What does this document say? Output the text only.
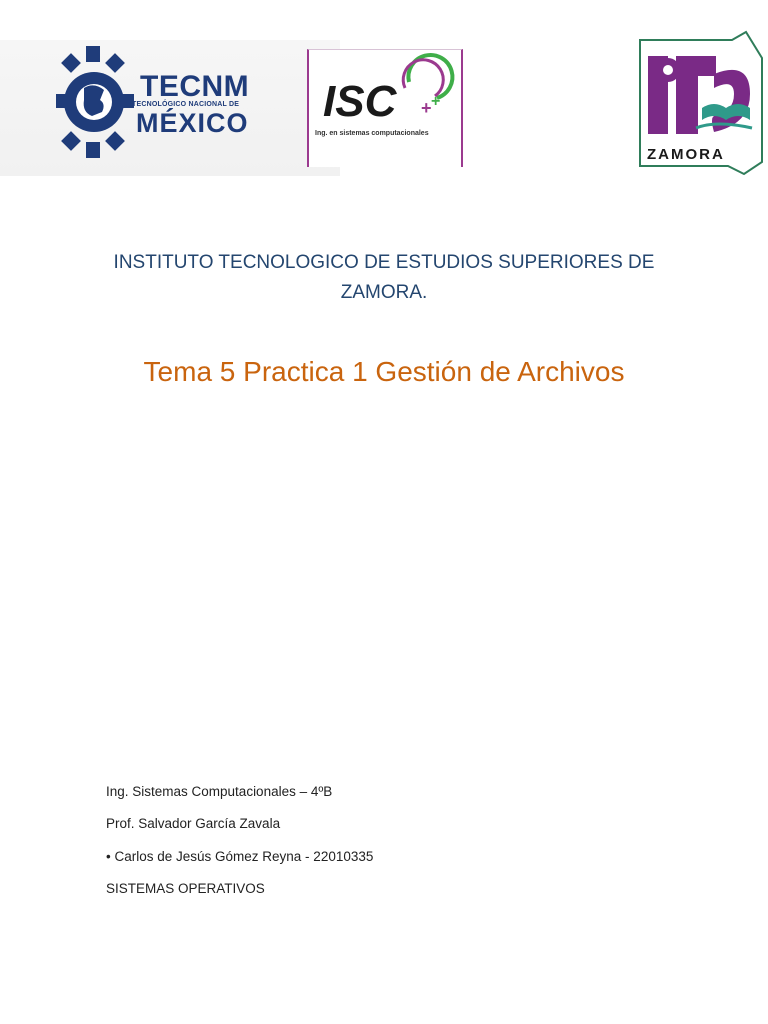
TECNM
TECNOLÓGICO NACIONAL DE
MÉXICO ISC + +
Ing. en sistemas computacionales
ZAMORA
INSTITUTO TECNOLOGICO DE ESTUDIOS SUPERIORES DE
ZAMORA.
Tema 5 Practica 1 Gestión de Archivos
Ing. Sistemas Computacionales – 4ºB
Prof. Salvador García Zavala
• Carlos de Jesús Gómez Reyna - 22010335
SISTEMAS OPERATIVOS
